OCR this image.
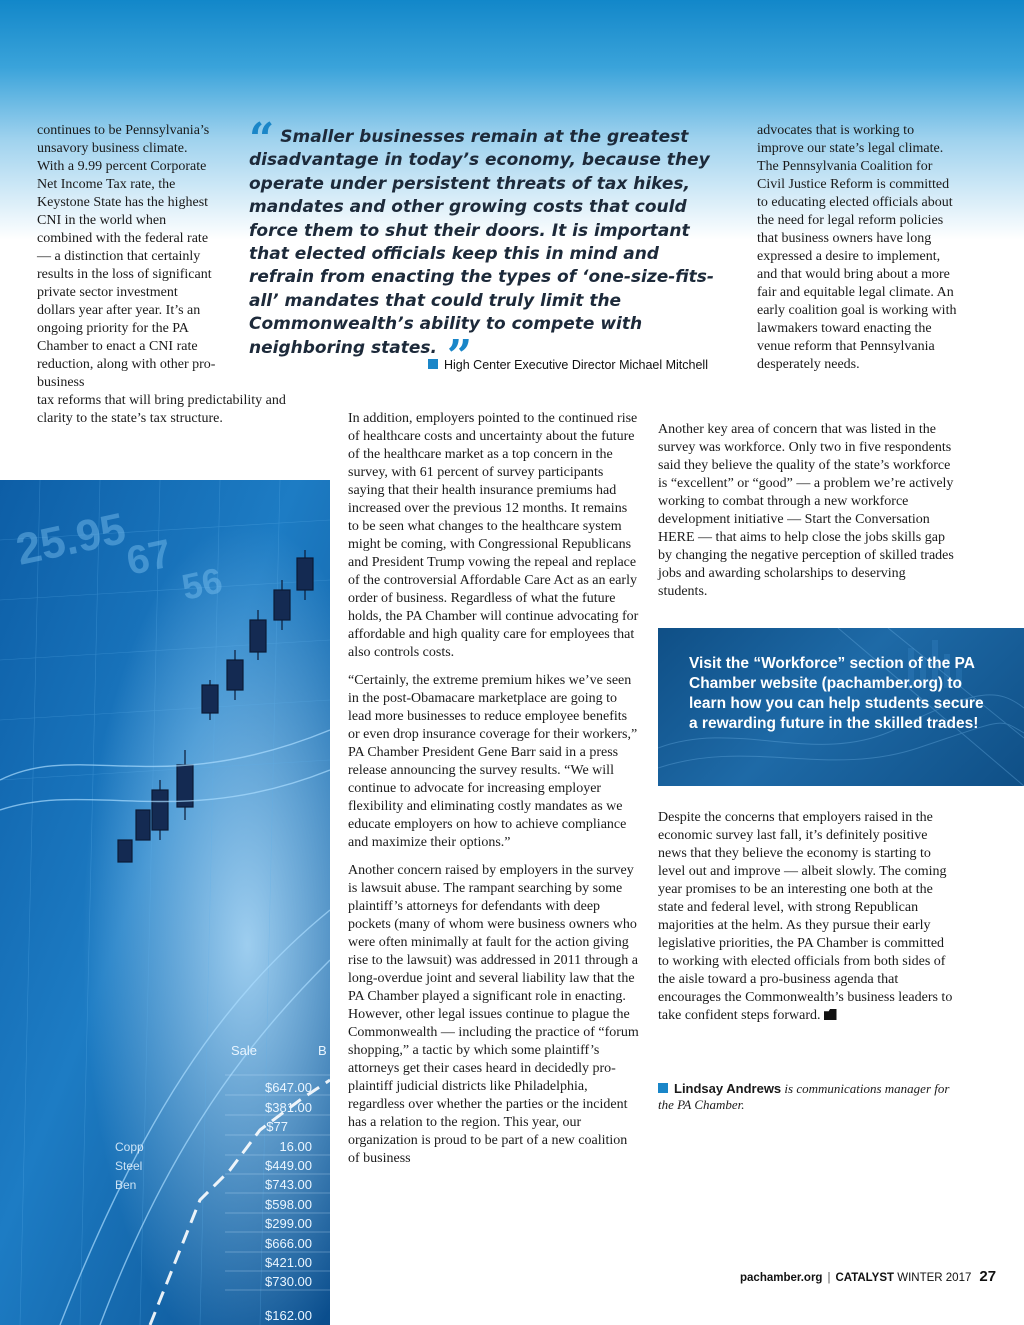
continues to be Pennsylvania’s unsavory business climate. With a 9.99 percent Corporate Net Income Tax rate, the Keystone State has the highest CNI in the world when combined with the federal rate — a distinction that certainly results in the loss of significant private sector investment dollars year after year. It’s an ongoing priority for the PA Chamber to enact a CNI rate reduction, along with other pro-business

tax reforms that will bring predictability and clarity to the state’s tax structure.

“ Smaller businesses remain at the greatest disadvantage in today’s economy, because they operate under persistent threats of tax hikes, mandates and other growing costs that could force them to shut their doors. It is important that elected officials keep this in mind and refrain from enacting the types of ‘one-size-fits-all’ mandates that could truly limit the Commonwealth’s ability to compete with neighboring states. ”
High Center Executive Director Michael Mitchell

In addition, employers pointed to the continued rise of healthcare costs and uncertainty about the future of the healthcare market as a top concern in the survey, with 61 percent of survey participants saying that their health insurance premiums had increased over the previous 12 months. It remains to be seen what changes to the healthcare system might be coming, with Congressional Republicans and President Trump vowing the repeal and replace of the controversial Affordable Care Act as an early order of business. Regardless of what the future holds, the PA Chamber will continue advocating for affordable and high quality care for employees that also controls costs.

“Certainly, the extreme premium hikes we’ve seen in the post-Obamacare marketplace are going to lead more businesses to reduce employee benefits or even drop insurance coverage for their workers,” PA Chamber President Gene Barr said in a press release announcing the survey results. “We will continue to advocate for increasing employer flexibility and eliminating costly mandates as we educate employers on how to achieve compliance and maximize their options.”

Another concern raised by employers in the survey is lawsuit abuse. The rampant searching by some plaintiff’s attorneys for defendants with deep pockets (many of whom were business owners who were often minimally at fault for the action giving rise to the lawsuit) was addressed in 2011 through a long-overdue joint and several liability law that the PA Chamber played a significant role in enacting. However, other legal issues continue to plague the Commonwealth — including the practice of “forum shopping,” a tactic by which some plaintiff’s attorneys get their cases heard in decidedly pro-plaintiff judicial districts like Philadelphia, regardless over whether the parties or the incident has a relation to the region. This year, our organization is proud to be part of a new coalition of business

advocates that is working to improve our state’s legal climate. The Pennsylvania Coalition for Civil Justice Reform is committed to educating elected officials about the need for legal reform policies that business owners have long expressed a desire to implement, and that would bring about a more fair and equitable legal climate. An early coalition goal is working with lawmakers toward enacting the venue reform that Pennsylvania desperately needs.

Another key area of concern that was listed in the survey was workforce. Only two in five respondents said they believe the quality of the state’s workforce is “excellent” or “good” — a problem we’re actively working to combat through a new workforce development initiative — Start the Conversation HERE — that aims to help close the jobs skills gap by changing the negative perception of skilled trades jobs and awarding scholarships to deserving students.

Visit the “Workforce” section of the PA Chamber website (pachamber.org) to learn how you can help students secure a rewarding future in the skilled trades!

Despite the concerns that employers raised in the economic survey last fall, it’s definitely positive news that they believe the economy is starting to level out and improve — albeit slowly. The coming year promises to be an interesting one both at the state and federal level, with strong Republican majorities at the helm. As they pursue their early legislative priorities, the PA Chamber is committed to working with elected officials from both sides of the aisle toward a pro-business agenda that encourages the Commonwealth’s business leaders to take confident steps forward.

Lindsay Andrews is communications manager for the PA Chamber.
25.95
67 56
Sale	B
Copp
Steel
Ben
$647.00
$381.00
$77
16.00
$449.00
$743.00
$598.00
$299.00
$666.00
$421.00
$730.00
$162.00
pachamber.org | CATALYST WINTER 2017 27
